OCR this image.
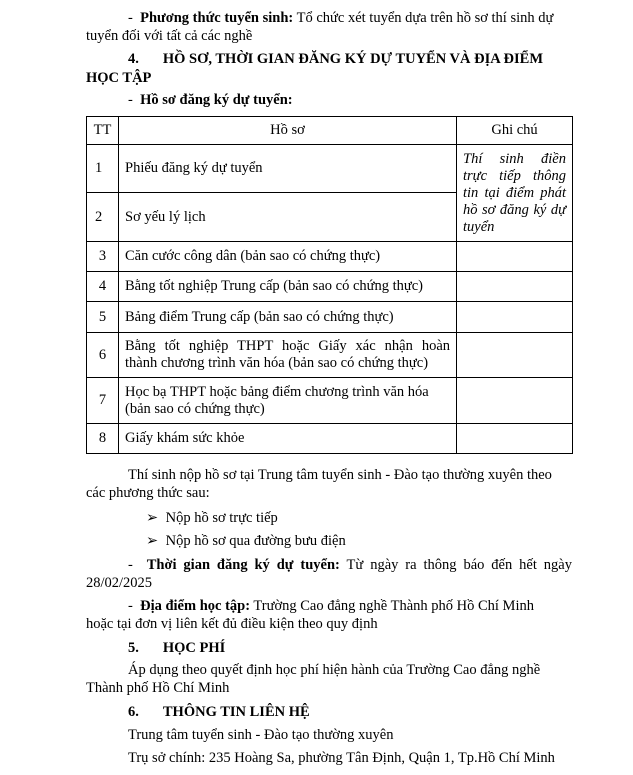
- Phương thức tuyển sinh: Tổ chức xét tuyển dựa trên hồ sơ thí sinh dự
tuyển đối với tất cả các nghề
4. HỒ SƠ, THỜI GIAN ĐĂNG KÝ DỰ TUYỂN VÀ ĐỊA ĐIỂM
HỌC TẬP
- Hồ sơ đăng ký dự tuyển:
TT	Hồ sơ	Ghi chú
1	Phiếu đăng ký dự tuyển	Thí sinh điền trực tiếp thông tin tại điểm phát hồ sơ đăng ký dự tuyển
2	Sơ yếu lý lịch	
3	Căn cước công dân (bản sao có chứng thực)	
4	Bằng tốt nghiệp Trung cấp (bản sao có chứng thực)	
5	Bảng điểm Trung cấp (bản sao có chứng thực)	
6	Bằng tốt nghiệp THPT hoặc Giấy xác nhận hoàn
thành chương trình văn hóa (bản sao có chứng thực)	

7	Học bạ THPT hoặc bảng điểm chương trình văn hóa
(bản sao có chứng thực)	

8	Giấy khám sức khỏe	
Thí sinh nộp hồ sơ tại Trung tâm tuyển sinh - Đào tạo thường xuyên theo
các phương thức sau:
➢ Nộp hồ sơ trực tiếp
➢ Nộp hồ sơ qua đường bưu điện
- Thời gian đăng ký dự tuyển: Từ ngày ra thông báo đến hết ngày
28/02/2025
- Địa điểm học tập: Trường Cao đẳng nghề Thành phố Hồ Chí Minh
hoặc tại đơn vị liên kết đủ điều kiện theo quy định
5. HỌC PHÍ
Áp dụng theo quyết định học phí hiện hành của Trường Cao đẳng nghề
Thành phố Hồ Chí Minh
6. THÔNG TIN LIÊN HỆ
Trung tâm tuyển sinh - Đào tạo thường xuyên
Trụ sở chính: 235 Hoàng Sa, phường Tân Định, Quận 1, Tp.Hồ Chí Minh
